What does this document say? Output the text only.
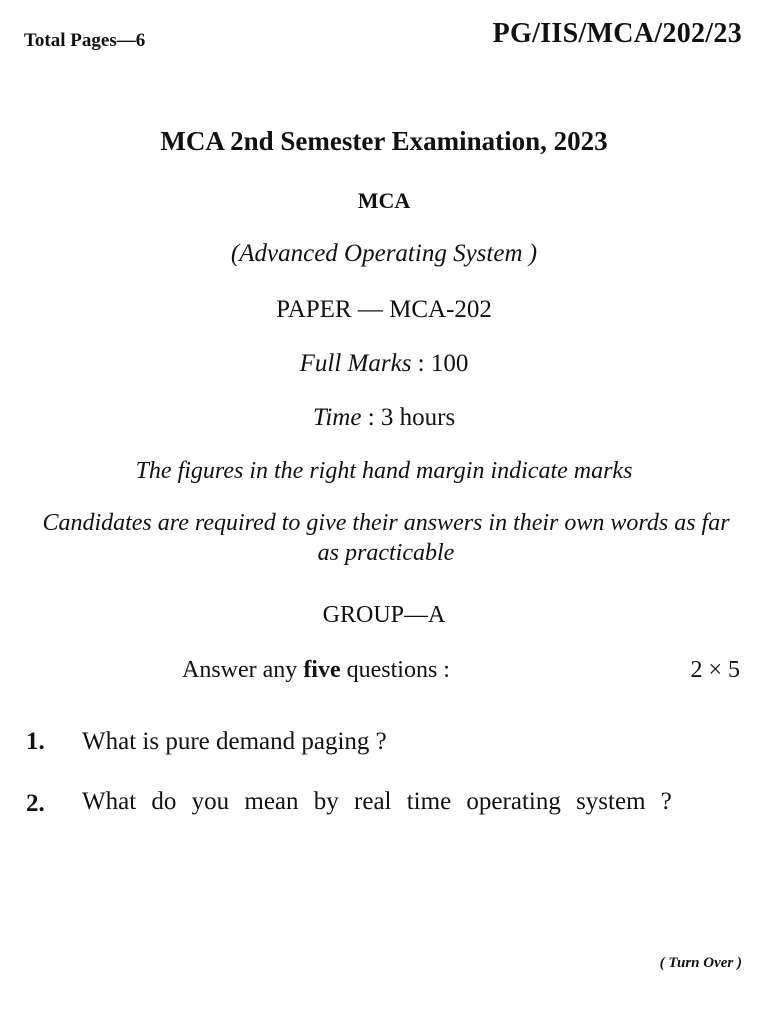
Total Pages—6	PG/IIS/MCA/202/23
MCA 2nd Semester Examination, 2023
MCA
(Advanced Operating System )
PAPER — MCA-202
Full Marks : 100
Time : 3 hours
The figures in the right hand margin indicate marks
Candidates are required to give their answers in their own words as far as practicable
GROUP—A
Answer any five questions :	2 × 5
1. What is pure demand paging ?
2. What do you mean by real time operating system ?
( Turn Over )
